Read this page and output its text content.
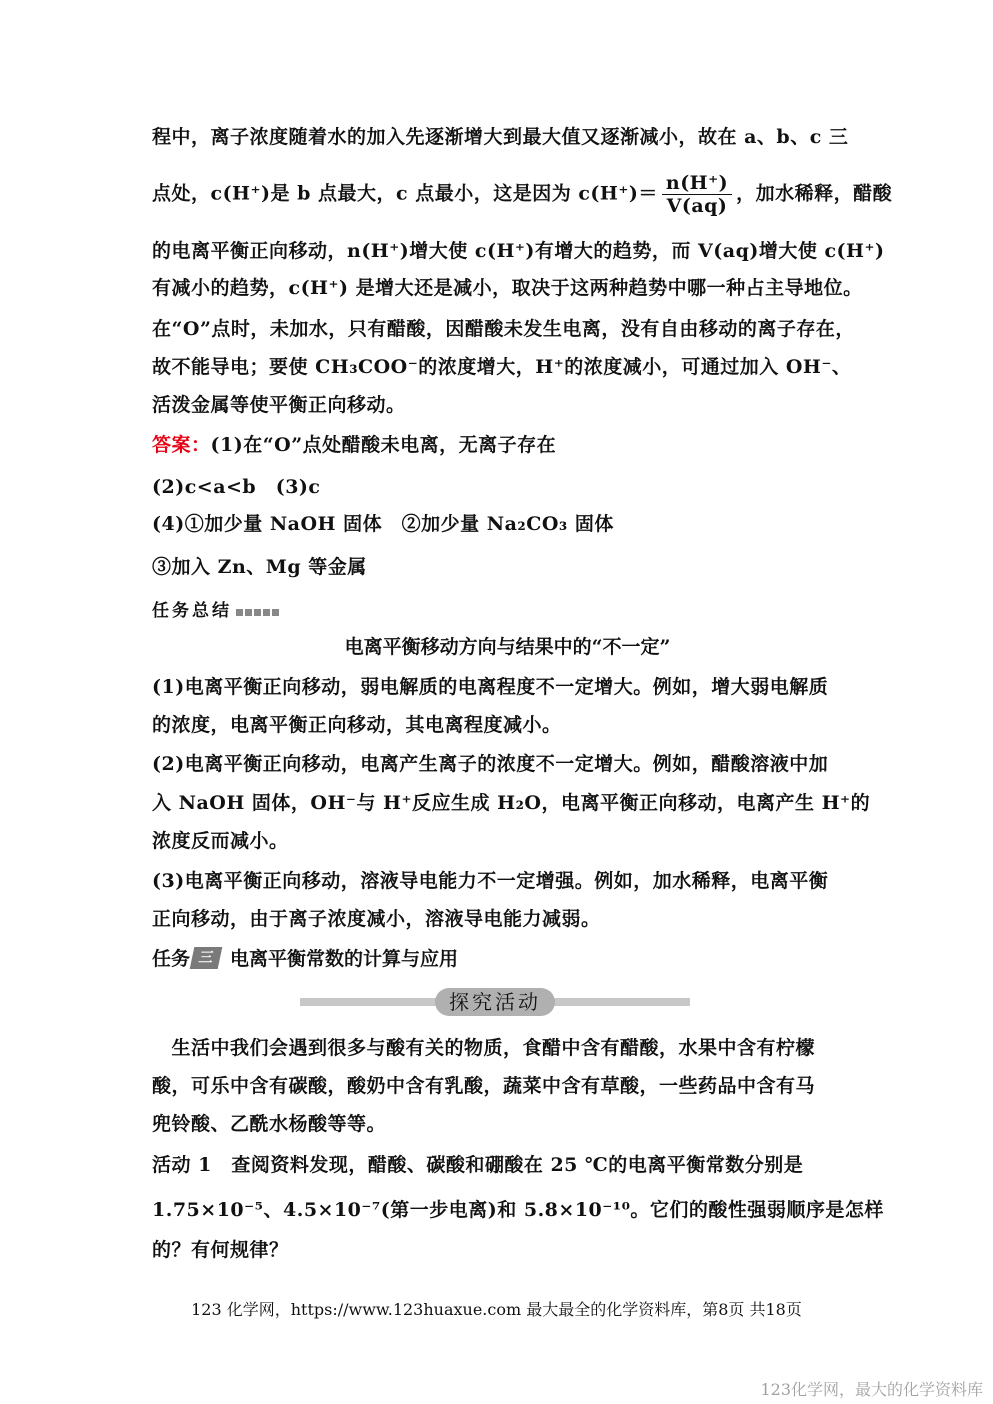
程中，离子浓度随着水的加入先逐渐增大到最大值又逐渐减小，故在 a、b、c 三
点处，c(H⁺)是 b 点最大，c 点最小，这是因为 $c(H^+)= \frac{n(H^+)}{V(aq)}$ ，加水稀释，醋酸
的电离平衡正向移动，n(H⁺)增大使 c(H⁺)有增大的趋势，而 V(aq)增大使 c(H⁺)
有减小的趋势，c(H⁺) 是增大还是减小，取决于这两种趋势中哪一种占主导地位。
在“O”点时，未加水，只有醋酸，因醋酸未发生电离，没有自由移动的离子存在，
故不能导电；要使 CH₃COO⁻的浓度增大，H⁺的浓度减小，可通过加入 OH⁻、
活泼金属等使平衡正向移动。
答案：(1)在“O”点处醋酸未电离，无离子存在
(2)c<a<b　(3)c
(4)①加少量 NaOH 固体　②加少量 Na₂CO₃ 固体
③加入 Zn、Mg 等金属
任务总结
电离平衡移动方向与结果中的“不一定”
(1)电离平衡正向移动，弱电解质的电离程度不一定增大。例如，增大弱电解质
的浓度，电离平衡正向移动，其电离程度减小。
(2)电离平衡正向移动，电离产生离子的浓度不一定增大。例如，醋酸溶液中加
入 NaOH 固体，OH⁻与 H⁺反应生成 H₂O，电离平衡正向移动，电离产生 H⁺的
浓度反而减小。
(3)电离平衡正向移动，溶液导电能力不一定增强。例如，加水稀释，电离平衡
正向移动，由于离子浓度减小，溶液导电能力减弱。
任务 三 电离平衡常数的计算与应用
探究活动
　生活中我们会遇到很多与酸有关的物质，食醋中含有醋酸，水果中含有柠檬
酸，可乐中含有碳酸，酸奶中含有乳酸，蔬菜中含有草酸，一些药品中含有马
兜铃酸、乙酰水杨酸等等。
活动 1　查阅资料发现，醋酸、碳酸和硼酸在 25 ℃的电离平衡常数分别是
1.75×10⁻⁵、4.5×10⁻⁷(第一步电离)和 5.8×10⁻¹⁰。它们的酸性强弱顺序是怎样
的？有何规律？
123 化学网，https://www.123huaxue.com 最大最全的化学资料库，第8页 共18页
123化学网，最大的化学资料库
